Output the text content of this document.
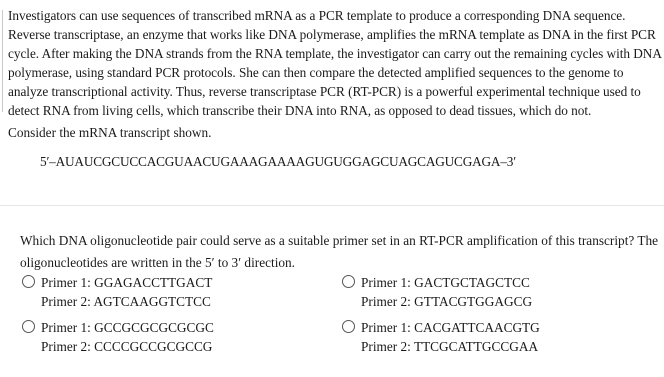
Investigators can use sequences of transcribed mRNA as a PCR template to produce a corresponding DNA sequence. Reverse transcriptase, an enzyme that works like DNA polymerase, amplifies the mRNA template as DNA in the first PCR cycle. After making the DNA strands from the RNA template, the investigator can carry out the remaining cycles with DNA polymerase, using standard PCR protocols. She can then compare the detected amplified sequences to the genome to analyze transcriptional activity. Thus, reverse transcriptase PCR (RT-PCR) is a powerful experimental technique used to detect RNA from living cells, which transcribe their DNA into RNA, as opposed to dead tissues, which do not.

Consider the mRNA transcript shown.
5′–AUAUCGCUCCACGUAACUGAAAGAAAAGUGUGGAGCUAGCAGUCGAGA–3′

Which DNA oligonucleotide pair could serve as a suitable primer set in an RT-PCR amplification of this transcript? The oligonucleotides are written in the 5′ to 3′ direction.

Primer 1: GGAGACCTTGACT
Primer 2: AGTCAAGGTCTCC
Primer 1: GACTGCTAGCTCC
Primer 2: GTTACGTGGAGCG
Primer 1: GCCGCGCGCGCGC
Primer 2: CCCCGCCGCGCCG
Primer 1: CACGATTCAACGTG
Primer 2: TTCGCATTGCCGAA
